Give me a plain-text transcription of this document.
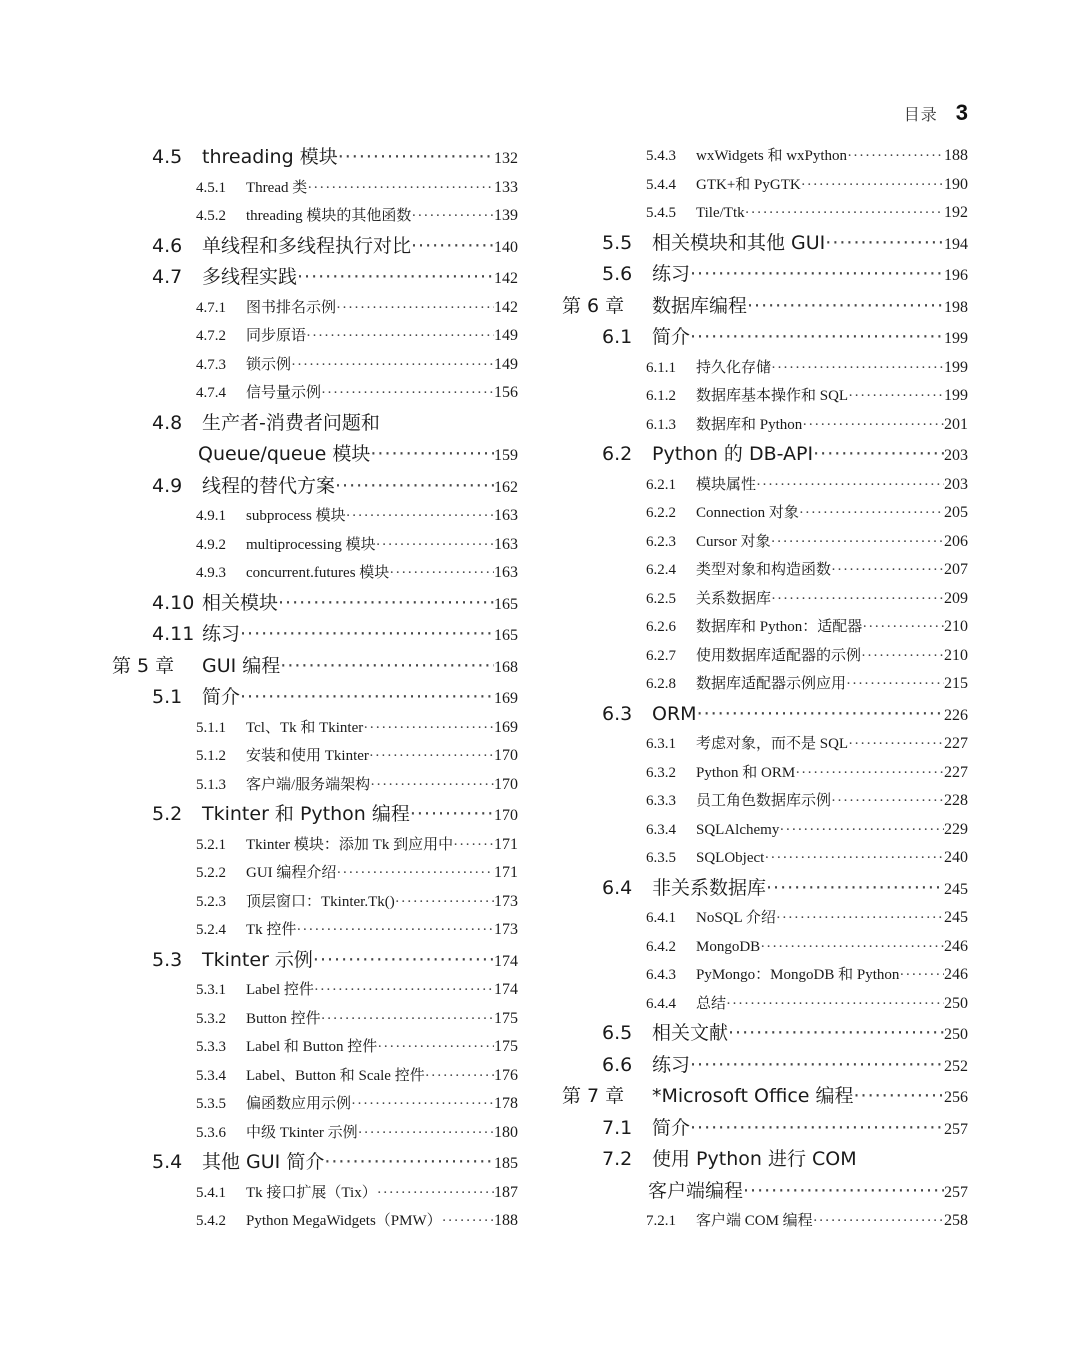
目录 3
4.5	threading 模块 ·····	132
4.5.1	Thread 类 ·····	133
4.5.2	threading 模块的其他函数 ·····	139
4.6	单线程和多线程执行对比 ·····	140
4.7	多线程实践 ·····	142
4.7.1	图书排名示例 ·····	142
4.7.2	同步原语 ·····	149
4.7.3	锁示例 ·····	149
4.7.4	信号量示例 ·····	156
4.8	生产者-消费者问题和
Queue/queue 模块 ·····	159
4.9	线程的替代方案 ·····	162
4.9.1	subprocess 模块 ·····	163
4.9.2	multiprocessing 模块 ·····	163
4.9.3	concurrent.futures 模块 ·····	163
4.10 相关模块 ·····	165
4.11 练习 ·····	165
第 5 章	GUI 编程 ·····	168
5.1	简介 ·····	169
5.1.1	Tcl、Tk 和 Tkinter ·····	169
5.1.2	安装和使用 Tkinter ·····	170
5.1.3	客户端/服务端架构 ·····	170
5.2	Tkinter 和 Python 编程 ·····	170
5.2.1	Tkinter 模块：添加 Tk 到应用中 ·····	171
5.2.2	GUI 编程介绍 ·····	171
5.2.3	顶层窗口：Tkinter.Tk() ·····	173
5.2.4	Tk 控件 ·····	173
5.3	Tkinter 示例 ·····	174
5.3.1	Label 控件 ·····	174
5.3.2	Button 控件 ·····	175
5.3.3	Label 和 Button 控件 ·····	175
5.3.4	Label、Button 和 Scale 控件 ·····	176
5.3.5	偏函数应用示例 ·····	178
5.3.6	中级 Tkinter 示例 ·····	180
5.4	其他 GUI 简介 ·····	185
5.4.1	Tk 接口扩展（Tix） ·····	187
5.4.2	Python MegaWidgets（PMW） ·····	188
5.4.3	wxWidgets 和 wxPython ·····	188
5.4.4	GTK+和 PyGTK ·····	190
5.4.5	Tile/Ttk ·····	192
5.5	相关模块和其他 GUI ·····	194
5.6	练习 ·····	196
第 6 章	数据库编程 ·····	198
6.1	简介 ·····	199
6.1.1	持久化存储 ·····	199
6.1.2	数据库基本操作和 SQL ·····	199
6.1.3	数据库和 Python ·····	201
6.2	Python 的 DB-API ·····	203
6.2.1	模块属性 ·····	203
6.2.2	Connection 对象 ·····	205
6.2.3	Cursor 对象 ·····	206
6.2.4	类型对象和构造函数 ·····	207
6.2.5	关系数据库 ·····	209
6.2.6	数据库和 Python：适配器 ·····	210
6.2.7	使用数据库适配器的示例 ·····	210
6.2.8	数据库适配器示例应用 ·····	215
6.3	ORM ·····	226
6.3.1	考虑对象，而不是 SQL ·····	227
6.3.2	Python 和 ORM ·····	227
6.3.3	员工角色数据库示例 ·····	228
6.3.4	SQLAlchemy ·····	229
6.3.5	SQLObject ·····	240
6.4	非关系数据库 ·····	245
6.4.1	NoSQL 介绍 ·····	245
6.4.2	MongoDB ·····	246
6.4.3	PyMongo：MongoDB 和 Python ·····	246
6.4.4	总结 ·····	250
6.5	相关文献 ·····	250
6.6	练习 ·····	252
第 7 章	*Microsoft Office 编程 ·····	256
7.1	简介 ·····	257
7.2	使用 Python 进行 COM
客户端编程 ·····	257
7.2.1	客户端 COM 编程 ·····	258
